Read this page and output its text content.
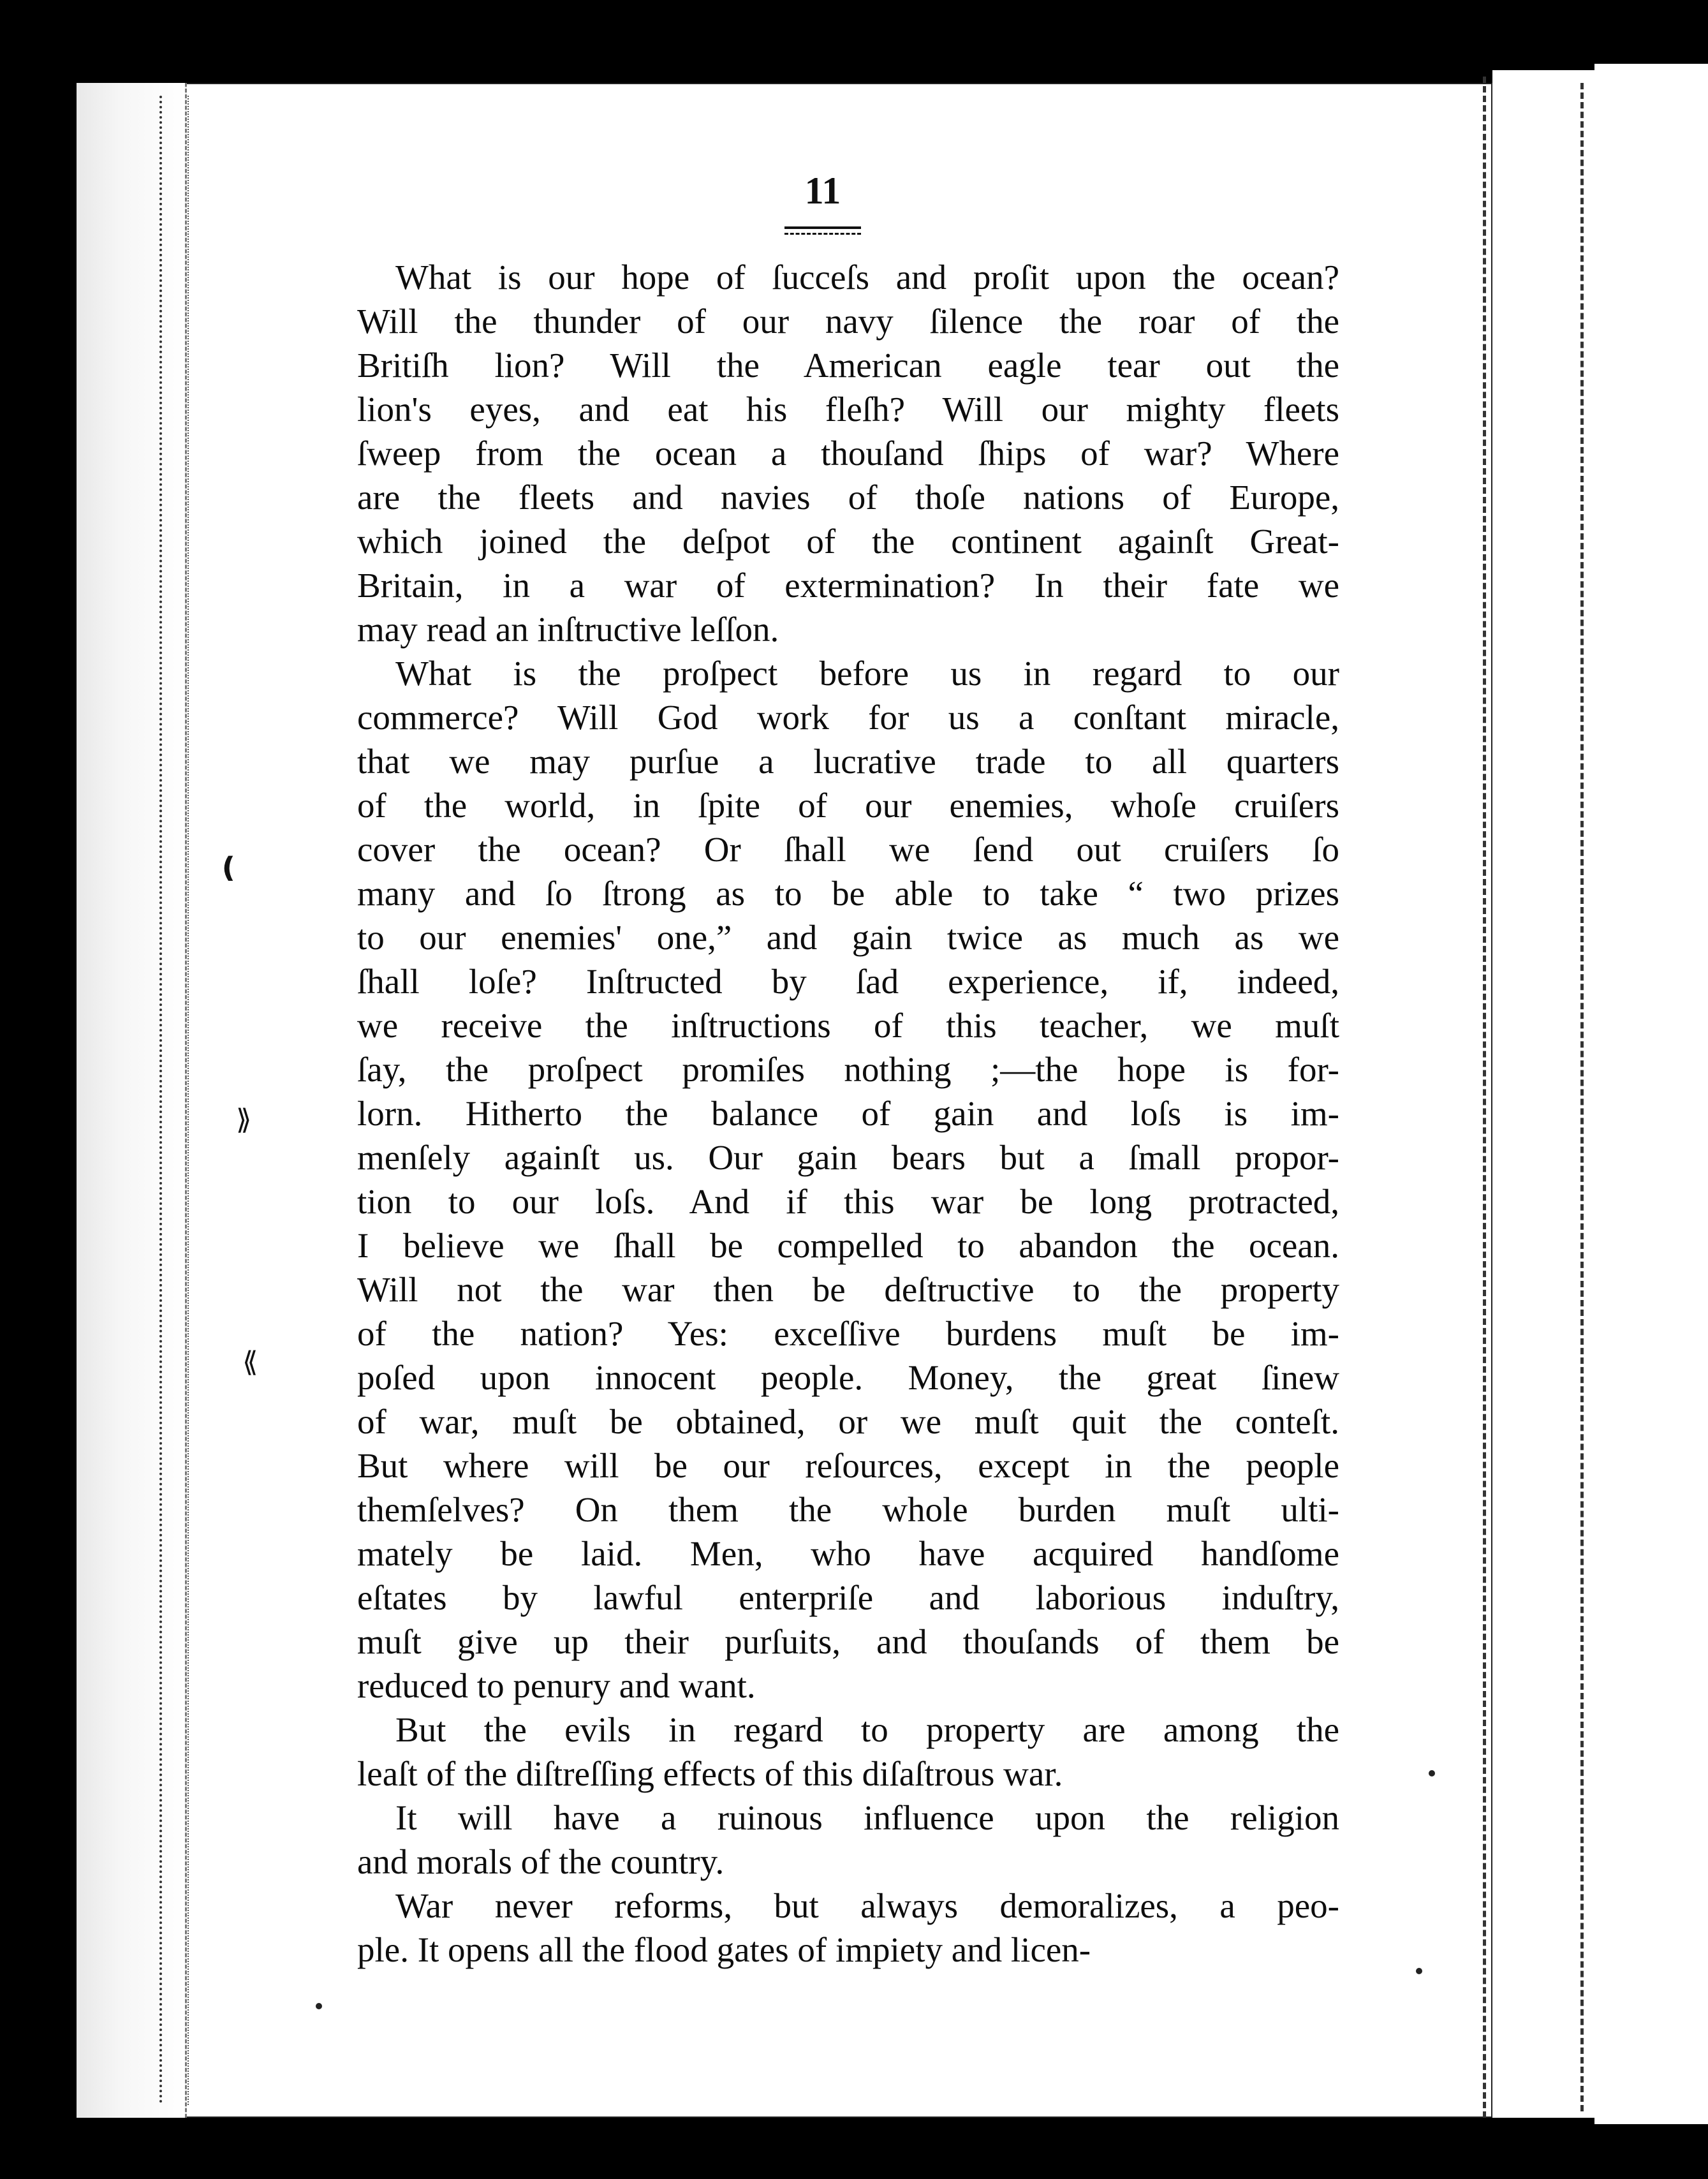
11
What is our hope of ſucceſs and proſit upon the ocean?
Will the thunder of our navy ſilence the roar of the
Britiſh lion? Will the American eagle tear out the
lion's eyes, and eat his fleſh? Will our mighty fleets
ſweep from the ocean a thouſand ſhips of war? Where
are the fleets and navies of thoſe nations of Europe,
which joined the deſpot of the continent againſt Great-
Britain, in a war of extermination? In their fate we
may read an inſtructive leſſon.
What is the proſpect before us in regard to our
commerce? Will God work for us a conſtant miracle,
that we may purſue a lucrative trade to all quarters
of the world, in ſpite of our enemies, whoſe cruiſers
cover the ocean? Or ſhall we ſend out cruiſers ſo
many and ſo ſtrong as to be able to take “ two prizes
to our enemies' one,” and gain twice as much as we
ſhall loſe? Inſtructed by ſad experience, if, indeed,
we receive the inſtructions of this teacher, we muſt
ſay, the proſpect promiſes nothing ;—the hope is for-
lorn. Hitherto the balance of gain and loſs is im-
menſely againſt us. Our gain bears but a ſmall propor-
tion to our loſs. And if this war be long protracted,
I believe we ſhall be compelled to abandon the ocean.
Will not the war then be deſtructive to the property
of the nation? Yes: exceſſive burdens muſt be im-
poſed upon innocent people. Money, the great ſinew
of war, muſt be obtained, or we muſt quit the conteſt.
But where will be our reſources, except in the people
themſelves? On them the whole burden muſt ulti-
mately be laid. Men, who have acquired handſome
eſtates by lawful enterpriſe and laborious induſtry,
muſt give up their purſuits, and thouſands of them be
reduced to penury and want.
But the evils in regard to property are among the
leaſt of the diſtreſſing effects of this diſaſtrous war.
It will have a ruinous influence upon the religion
and morals of the country.
War never reforms, but always demoralizes, a peo-
ple. It opens all the flood gates of impiety and licen-
❪
⟫
⟪
